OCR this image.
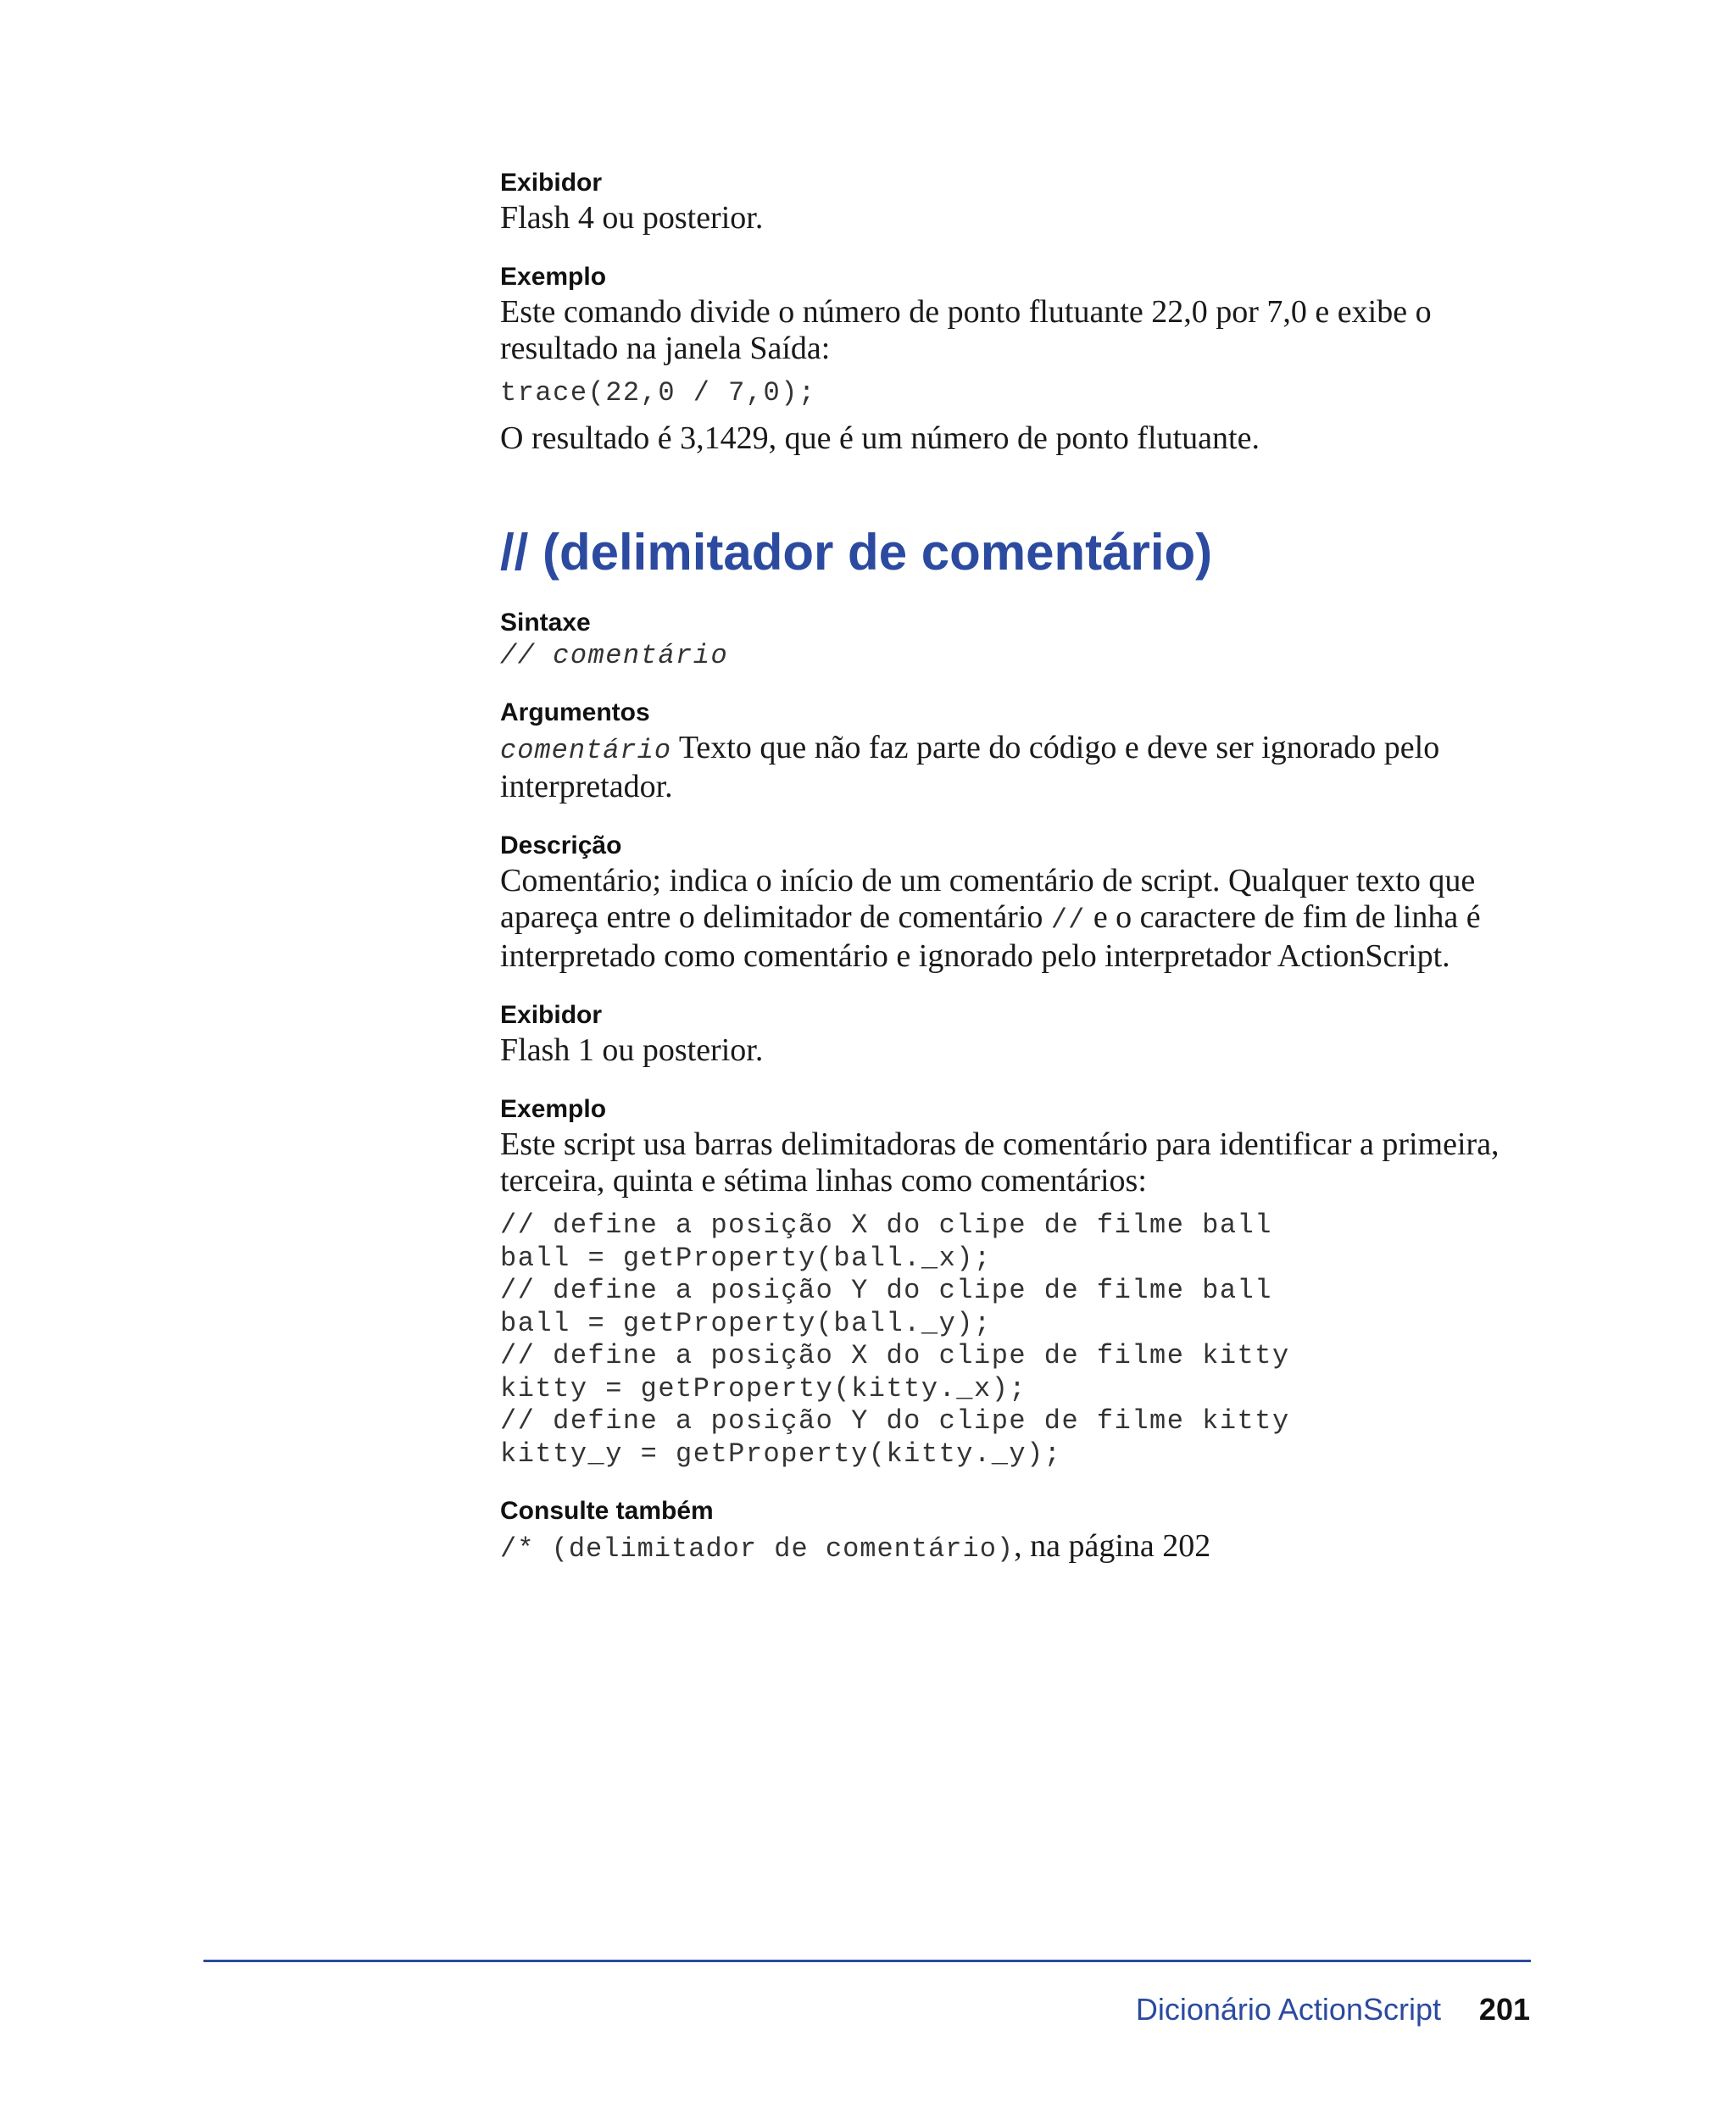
Exibidor

Flash 4 ou posterior.

Exemplo

Este comando divide o número de ponto flutuante 22,0 por 7,0 e exibe o resultado na janela Saída:

trace(22,0 / 7,0);

O resultado é 3,1429, que é um número de ponto flutuante.

// (delimitador de comentário)

Sintaxe

// comentário

Argumentos

comentário Texto que não faz parte do código e deve ser ignorado pelo interpretador.

Descrição

Comentário; indica o início de um comentário de script. Qualquer texto que apareça entre o delimitador de comentário // e o caractere de fim de linha é interpretado como comentário e ignorado pelo interpretador ActionScript.

Exibidor

Flash 1 ou posterior.

Exemplo

Este script usa barras delimitadoras de comentário para identificar a primeira, terceira, quinta e sétima linhas como comentários:

// define a posição X do clipe de filme ball
ball = getProperty(ball._x);
// define a posição Y do clipe de filme ball
ball = getProperty(ball._y);
// define a posição X do clipe de filme kitty
kitty = getProperty(kitty._x);
// define a posição Y do clipe de filme kitty
kitty_y = getProperty(kitty._y);

Consulte também

/* (delimitador de comentário), na página 202

Dicionário ActionScript 201
